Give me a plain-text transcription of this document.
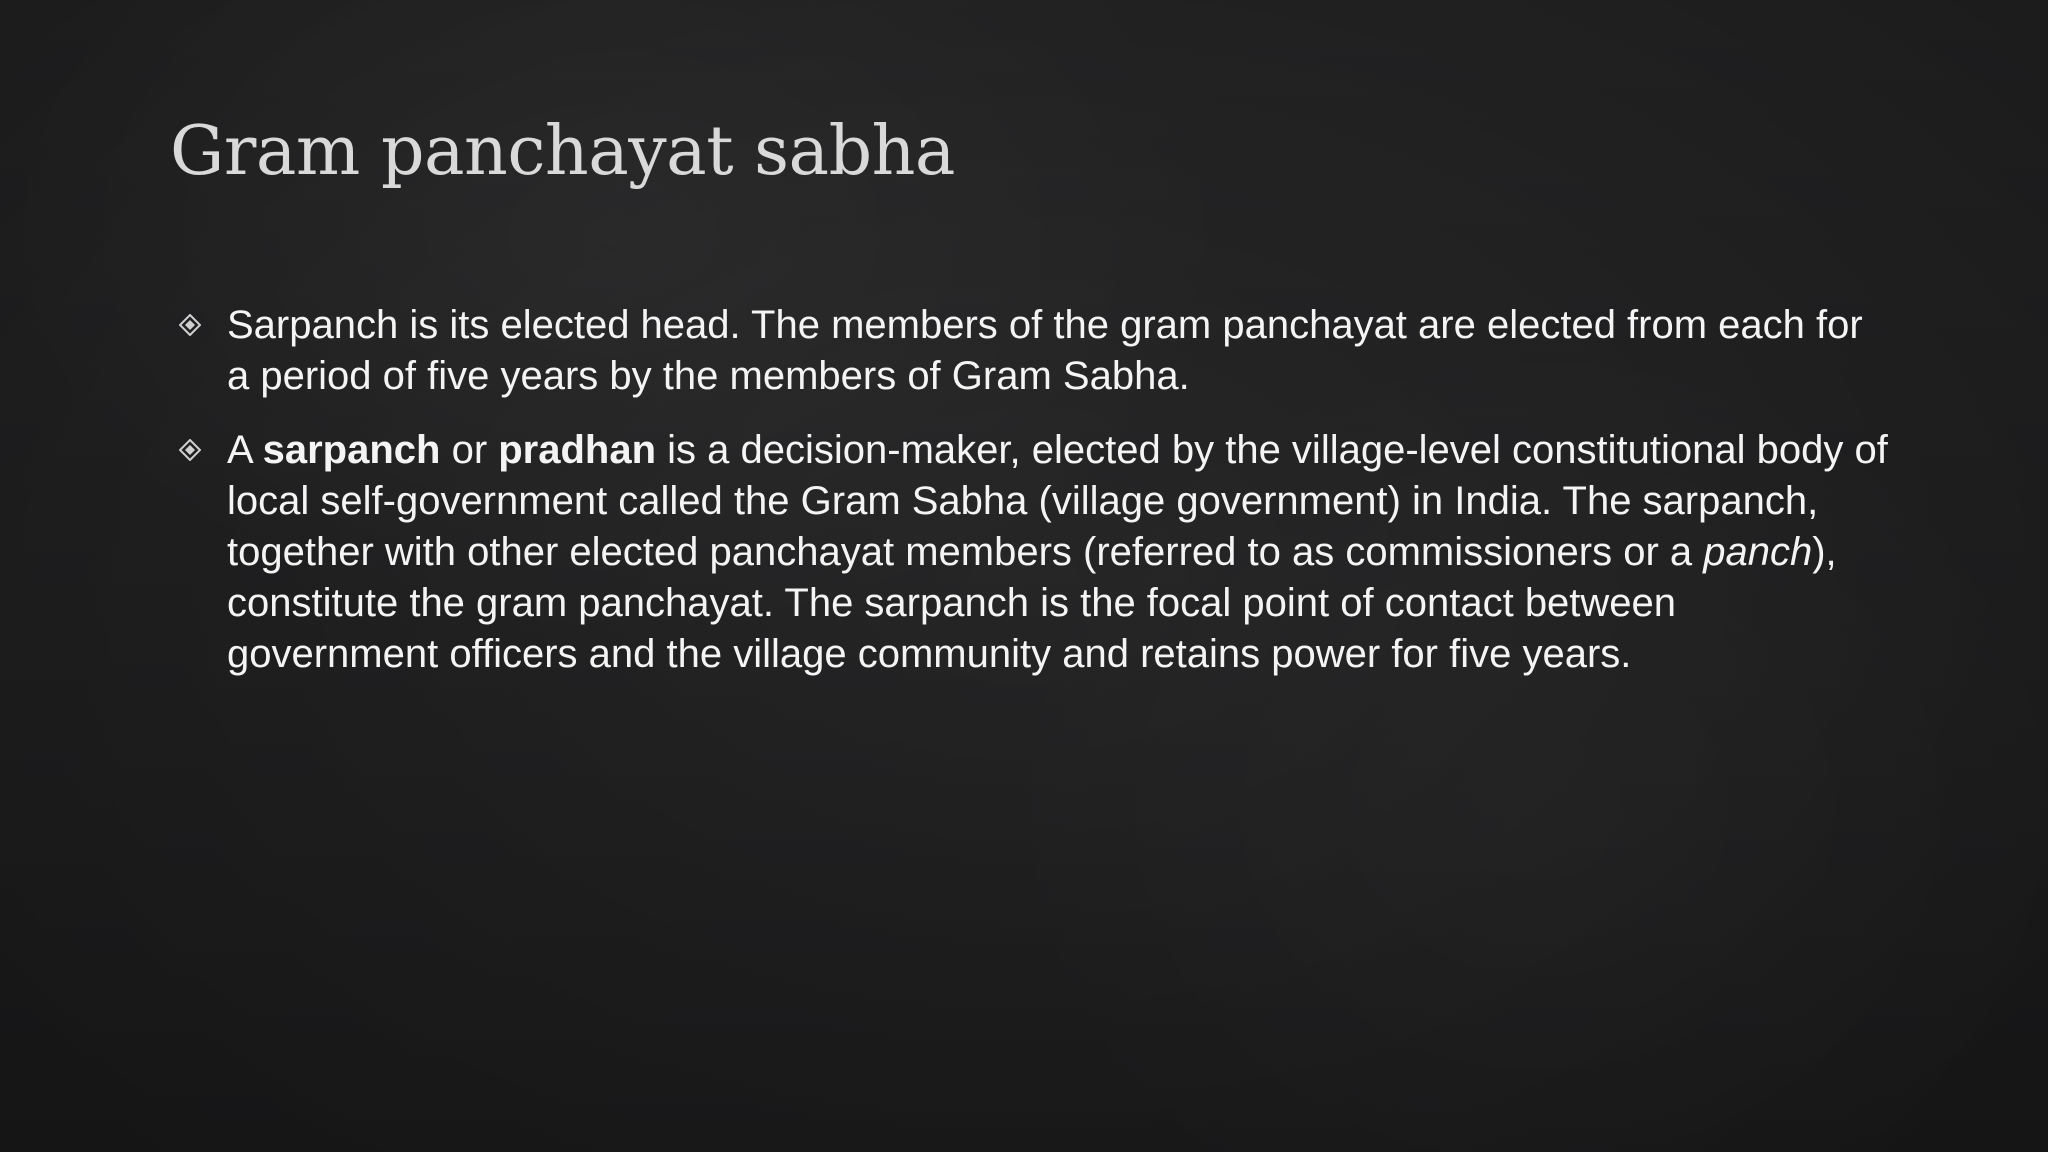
Gram panchayat sabha
Sarpanch is its elected head. The members of the gram panchayat are elected from each for a period of five years by the members of Gram Sabha.
A sarpanch or pradhan is a decision-maker, elected by the village-level constitutional body of local self-government called the Gram Sabha (village government) in India. The sarpanch, together with other elected panchayat members (referred to as commissioners or a panch), constitute the gram panchayat. The sarpanch is the focal point of contact between government officers and the village community and retains power for five years.
